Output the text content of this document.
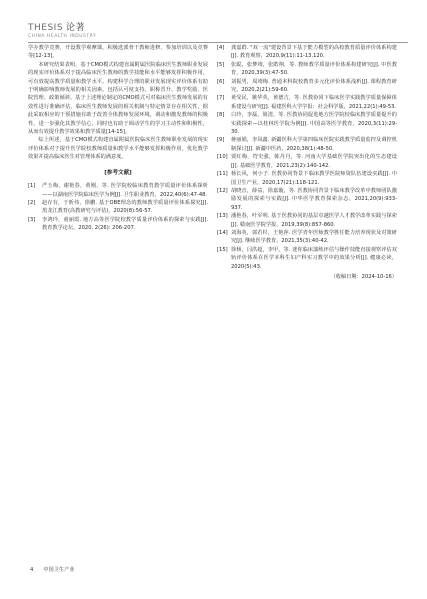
THESIS 论著
CHINA HEALTH INDUSTRY

学办教学竞赛，开设教学观摩课，积极选派骨干教师进修、参加培训以及竞赛等[12-13]。

本研究结果表明，基于CMO模式构建直属附属医院临床医生教师职业发展的现实评价体系对于提高临床医生教师的教学技能和水平能够发挥积极作用，可有效提高教学质量和教学水平。构建科学合理的职业发展现实评价体系有助于明确影响教师发展的相关因素，包括认可度支持、职称晋升、教学奖励、医院管理、政策倾斜。基于上述理论制定的CMO模式可对临床医生教师发展的有效性进行准确评估，临床医生教师发展的相关机制与特定情景存在相关性，据此采取相应的干预措施有助于改善全体教师发展环境，调动和激发教师的积极性，进一步强化其教学信心，同时也有助于调动学生的学习主动性和积极性，从而有效提升教学效果和教学质量[14-15]。

综上所述，基于CMO模式构建直属附属医院临床医生教师职业发展的现实评价体系对于提升医学院校教师质量和教学水平能够发挥积极作用，优化教学效果并提高临床医生对管理体系的满意度。

[参考文献]
[1]	严玉梅，谢艳春，黄刚，等. 医学院校临床教育教学质量评价体系探析——以湖南医学院临床医学为例[J]. 卫生职业教育，2022,40(6):47-48.
[2]	赵存有，于昕伟，徐鹏. 基于OBE理念的教师教学质量评价体系探究[J]. 黑龙江教育(高教研究与评估)，2020(8):56-57.
[3]	李鸿玲，童丽霞. 地方高等医学院校教学质量评价体系的探索与实践[J]. 教育教学论坛，2020, 2(26): 206-207.
[4]	龚嘉群. "双一流"建设背景下基于能力模型的高校教育质量评价体系构建[J]. 教育观察，2020,9(11):11-13,120.
[5]	张聪，张梦靖，张皓翔，等. 教师教学质量评价体系构建研究[J]. 中医教育，2020,39(3):47-50.
[6]	刘振男，周靖梅. 普通本科院校教育多元化评价体系浅析[J]. 课程教育研究，2020,2(21):59-60.
[7]	黄受民，姚华英，黄德吉，等. 医教协同下临床医学实践教学质量保障体系建设与研究[J]. 福建医科大学学报：社会科学版，2021,22(1):49-53.
[8]	白玲，李磊，简清，等. 医教协同促进地方医学院校临床教学质量提升的实践探索—以桂林医学院为例[J]. 中国高等医学教育，2020,3(11):29-30.
[9]	蒋丽娟，李凤鑫. 新疆医科大学第四临床医院实践教学质量监控及调控机制探讨[J]. 新疆中医药，2020,38(1):48-50.
[10] 贾红梅，符史强，陈丹丹，等. 河南大学基础医学院突出化的生态建设[J]. 基础医学教育，2021,23(2):140-142.
[11] 杨长风，何小子. 医教协同背景下临床教学医院师资队伍建设实践[J]. 中国卫生产业，2020,17(21):118-121.
[12] 胡晓音，薛益，徐嘉璇，等. 医教协同背景下临床教学改革中教师团队激励发展的探索与实践[J]. 中华医学教育探索杂志，2021,20(9):933-937.
[13] 潘艳春，叶军明. 基于医教协同的基层卓越医学人才教学改革实践与探索[J]. 赣南医学院学报，2019,39(8):857-860.
[14] 刘海英，郭若杉，王艳萍. 医学青年医师教学胜任能力培养现状及对策研究[J]. 继续医学教育，2021,35(3):40-42.
[15] 徐杨，闫洪超，李甲，等. 迷你临床演练评估与操作技能直接观察评估双轨评价体系在医学本科生妇产科实习教学中的效果分析[J]. 健康必读，2020(5):43.
（收稿日期：2024-10-16）
4 中国卫生产业
